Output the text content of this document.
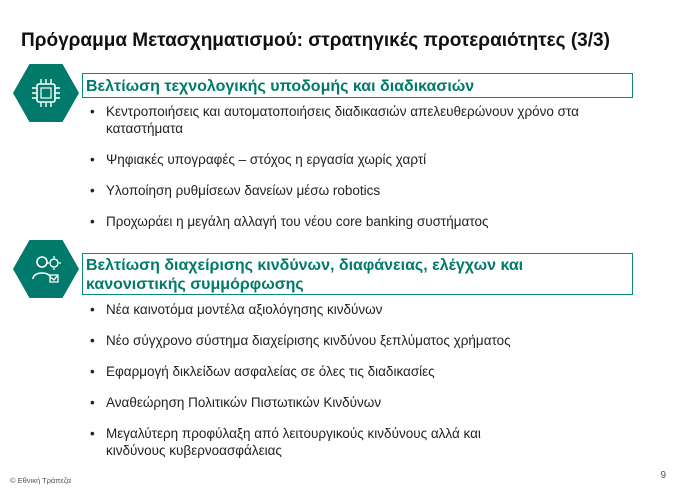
Πρόγραμμα Μετασχηματισμού: στρατηγικές προτεραιότητες (3/3)
Βελτίωση τεχνολογικής υποδομής και διαδικασιών
• Κεντροποιήσεις και αυτοματοποιήσεις διαδικασιών απελευθερώνουν χρόνο στα καταστήματα
• Ψηφιακές υπογραφές – στόχος η εργασία χωρίς χαρτί
• Υλοποίηση ρυθμίσεων δανείων μέσω robotics
• Προχωράει η μεγάλη αλλαγή του νέου core banking συστήματος
Βελτίωση διαχείρισης κινδύνων, διαφάνειας, ελέγχων και κανονιστικής συμμόρφωσης
• Νέα καινοτόμα μοντέλα αξιολόγησης κινδύνων
• Νέο σύγχρονο σύστημα διαχείρισης κινδύνου ξεπλύματος χρήματος
• Εφαρμογή δικλείδων ασφαλείας σε όλες τις διαδικασίες
• Αναθεώρηση Πολιτικών Πιστωτικών Κινδύνων
• Μεγαλύτερη προφύλαξη από λειτουργικούς κινδύνους αλλά και κινδύνους κυβερνοασφάλειας
© Εθνική Τράπεζα	9
